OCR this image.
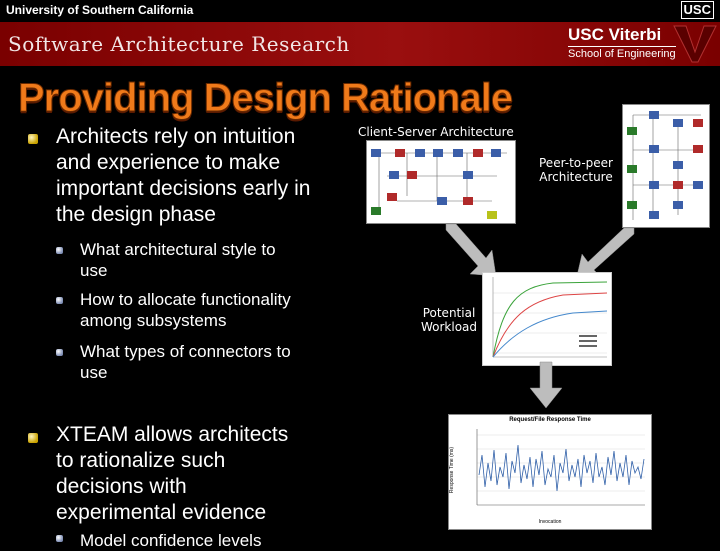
University of Southern California	USC
Software Architecture Research	USC Viterbi
School of Engineering
Providing Design Rationale
Architects rely on intuition
and experience to make
important decisions early in
the design phase
What architectural style to
use
How to allocate functionality
among subsystems
What types of connectors to
use
XTEAM allows architects
to rationalize such
decisions with
experimental evidence
Model confidence levels
Client-Server Architecture
Peer-to-peer
Architecture
Potential
Workload
Request/File Response Time
Response Time (ms)
Invocation
